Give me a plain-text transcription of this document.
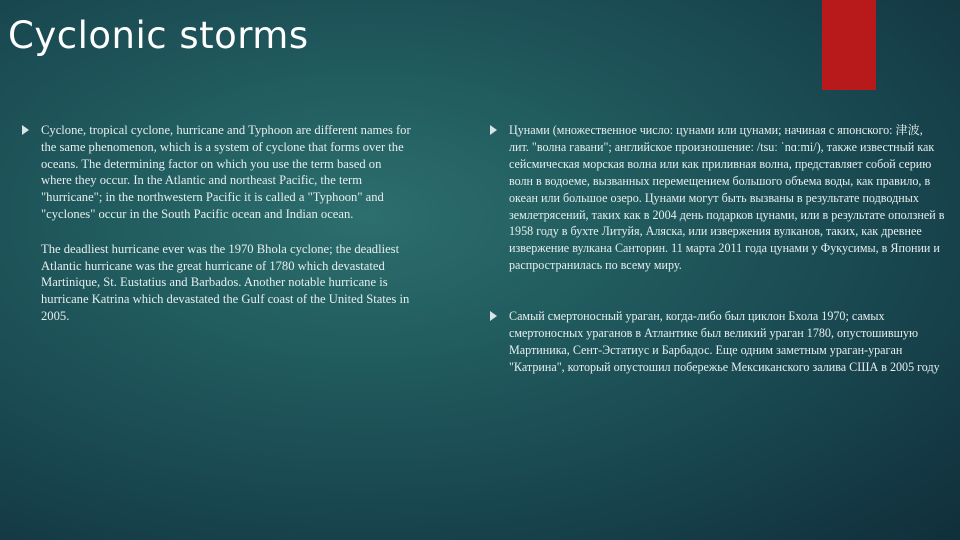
Cyclonic storms

Cyclone, tropical cyclone, hurricane and Typhoon are different names for the same phenomenon, which is a system of cyclone that forms over the oceans. The determining factor on which you use the term based on where they occur. In the Atlantic and northeast Pacific, the term "hurricane"; in the northwestern Pacific it is called a "Typhoon" and "cyclones" occur in the South Pacific ocean and Indian ocean.

The deadliest hurricane ever was the 1970 Bhola cyclone; the deadliest Atlantic hurricane was the great hurricane of 1780 which devastated Martinique, St. Eustatius and Barbados. Another notable hurricane is hurricane Katrina which devastated the Gulf coast of the United States in 2005.

Цунами (множественное число: цунами или цунами; начиная с японского: 津波, лит. "волна гавани"; английское произношение: /tsuː ˈnɑːmi/), также известный как сейсмическая морская волна или как приливная волна, представляет собой серию волн в водоеме, вызванных перемещением большого объема воды, как правило, в океан или большое озеро. Цунами могут быть вызваны в результате подводных землетрясений, таких как в 2004 день подарков цунами, или в результате оползней в 1958 году в бухте Литуйя, Аляска, или извержения вулканов, таких, как древнее извержение вулкана Санторин. 11 марта 2011 года цунами у Фукусимы, в Японии и распространилась по всему миру.

Самый смертоносный ураган, когда-либо был циклон Бхола 1970; самых смертоносных ураганов в Атлантике был великий ураган 1780, опустошившую Мартиника, Сент-Эстатиус и Барбадос. Еще одним заметным ураган-ураган "Катрина", который опустошил побережье Мексиканского залива США в 2005 году
